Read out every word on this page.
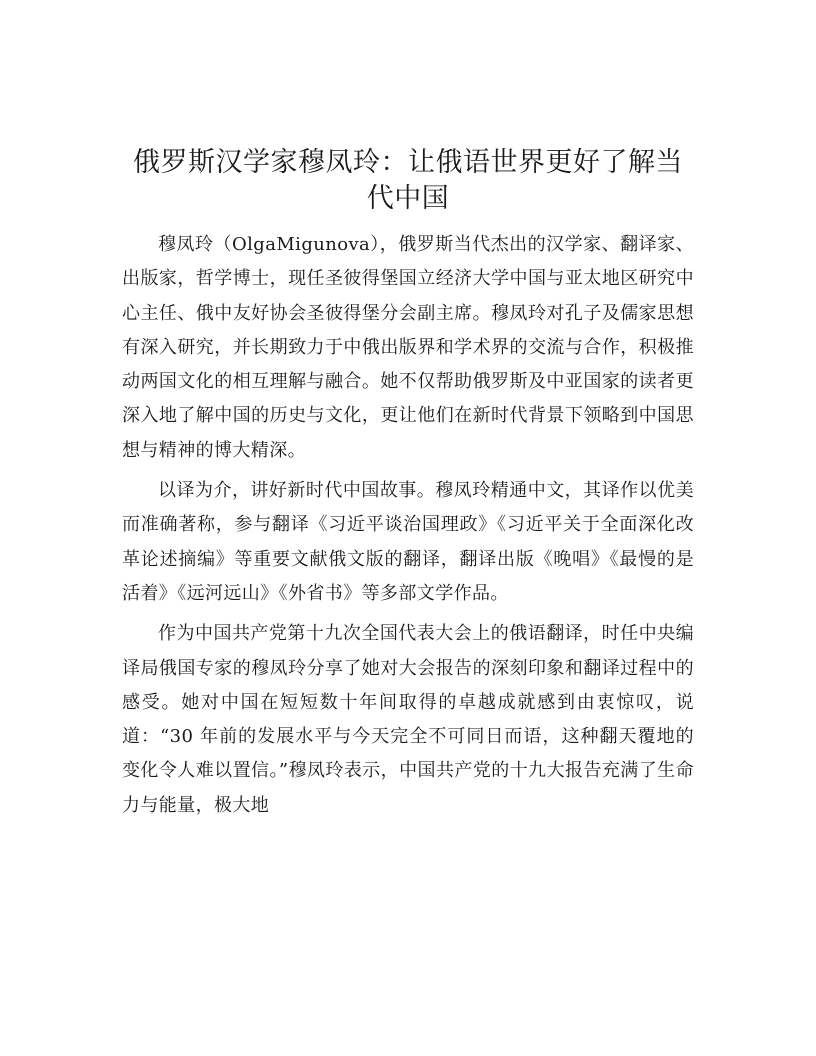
俄罗斯汉学家穆凤玲：让俄语世界更好了解当代中国

穆凤玲（OlgaMigunova），俄罗斯当代杰出的汉学家、翻译家、出版家，哲学博士，现任圣彼得堡国立经济大学中国与亚太地区研究中心主任、俄中友好协会圣彼得堡分会副主席。穆凤玲对孔子及儒家思想有深入研究，并长期致力于中俄出版界和学术界的交流与合作，积极推动两国文化的相互理解与融合。她不仅帮助俄罗斯及中亚国家的读者更深入地了解中国的历史与文化，更让他们在新时代背景下领略到中国思想与精神的博大精深。

以译为介，讲好新时代中国故事。穆凤玲精通中文，其译作以优美而准确著称，参与翻译《习近平谈治国理政》《习近平关于全面深化改革论述摘编》等重要文献俄文版的翻译，翻译出版《晚唱》《最慢的是活着》《远河远山》《外省书》等多部文学作品。

作为中国共产党第十九次全国代表大会上的俄语翻译，时任中央编译局俄国专家的穆凤玲分享了她对大会报告的深刻印象和翻译过程中的感受。她对中国在短短数十年间取得的卓越成就感到由衷惊叹，说道：“30 年前的发展水平与今天完全不可同日而语，这种翻天覆地的变化令人难以置信。”穆凤玲表示，中国共产党的十九大报告充满了生命力与能量，极大地
